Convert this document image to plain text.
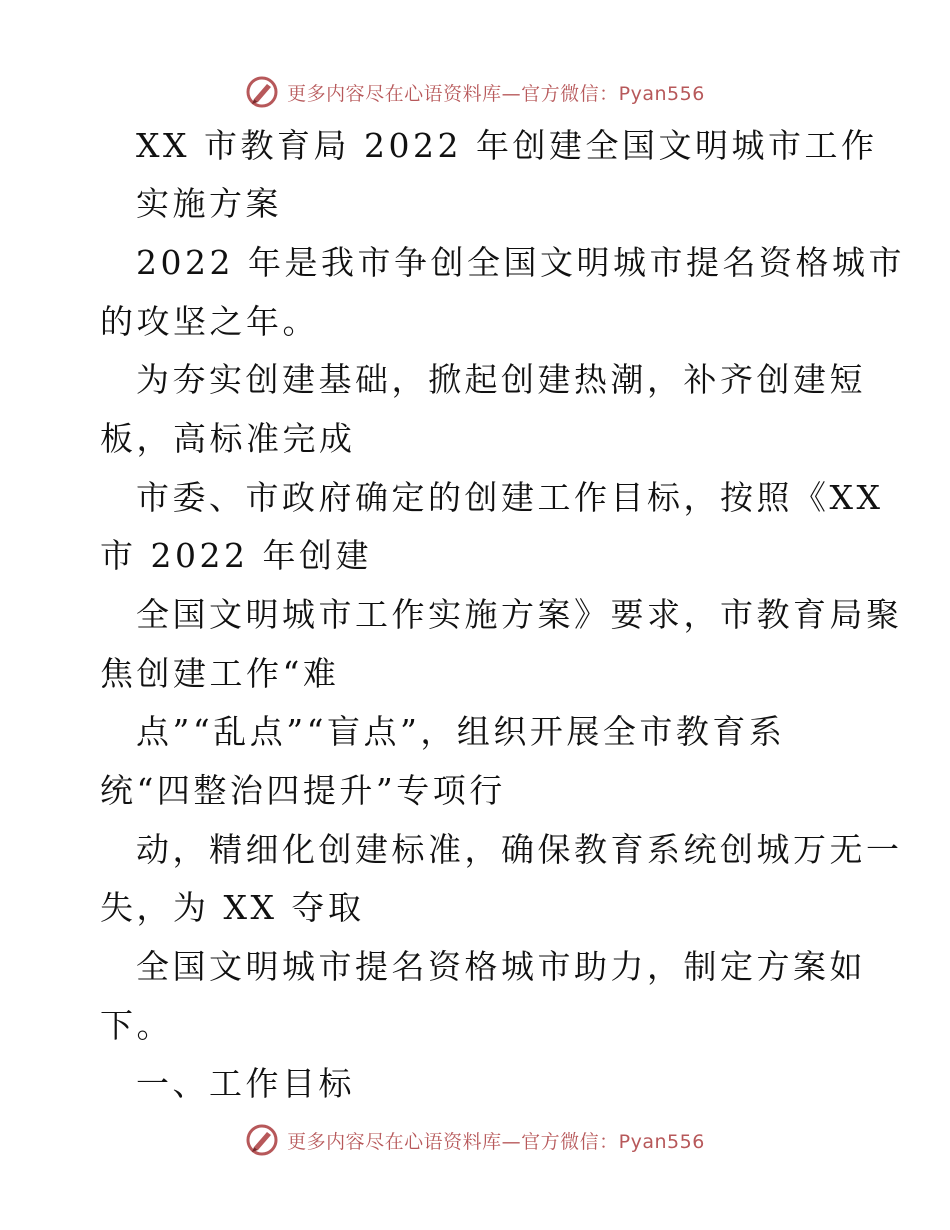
更多内容尽在心语资料库—官方微信：Pyan556
XX 市教育局 2022 年创建全国文明城市工作
实施方案
2022 年是我市争创全国文明城市提名资格城市
的攻坚之年。
为夯实创建基础，掀起创建热潮，补齐创建短
板，高标准完成
市委、市政府确定的创建工作目标，按照《XX
市 2022 年创建
全国文明城市工作实施方案》要求，市教育局聚
焦创建工作“难
点”“乱点”“盲点”，组织开展全市教育系
统“四整治四提升”专项行
动，精细化创建标准，确保教育系统创城万无一
失，为 XX 夺取
全国文明城市提名资格城市助力，制定方案如
下。
一、工作目标
更多内容尽在心语资料库—官方微信：Pyan556
